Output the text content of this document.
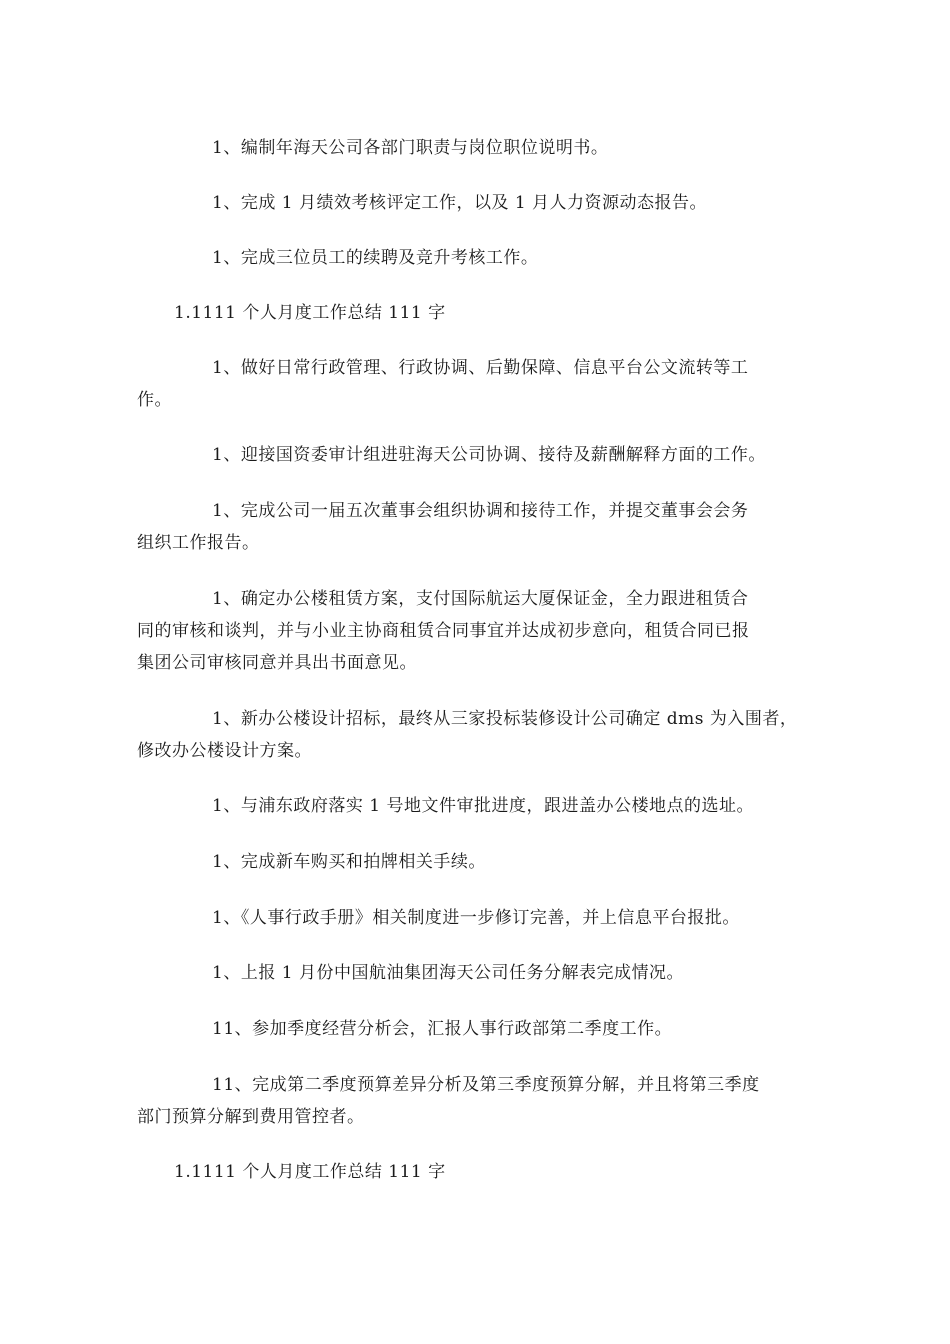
1、编制年海天公司各部门职责与岗位职位说明书。
1、完成 1 月绩效考核评定工作，以及 1 月人力资源动态报告。
1、完成三位员工的续聘及竞升考核工作。
1.1111 个人月度工作总结 111 字
1、做好日常行政管理、行政协调、后勤保障、信息平台公文流转等工
作。
1、迎接国资委审计组进驻海天公司协调、接待及薪酬解释方面的工作。
1、完成公司一届五次董事会组织协调和接待工作，并提交董事会会务
组织工作报告。
1、确定办公楼租赁方案，支付国际航运大厦保证金，全力跟进租赁合
同的审核和谈判，并与小业主协商租赁合同事宜并达成初步意向，租赁合同已报
集团公司审核同意并具出书面意见。
1、新办公楼设计招标，最终从三家投标装修设计公司确定 dms 为入围者，
修改办公楼设计方案。
1、与浦东政府落实 1 号地文件审批进度，跟进盖办公楼地点的选址。
1、完成新车购买和拍牌相关手续。
1、《人事行政手册》相关制度进一步修订完善，并上信息平台报批。
1、上报 1 月份中国航油集团海天公司任务分解表完成情况。
11、参加季度经营分析会，汇报人事行政部第二季度工作。
11、完成第二季度预算差异分析及第三季度预算分解，并且将第三季度
部门预算分解到费用管控者。
1.1111 个人月度工作总结 111 字
